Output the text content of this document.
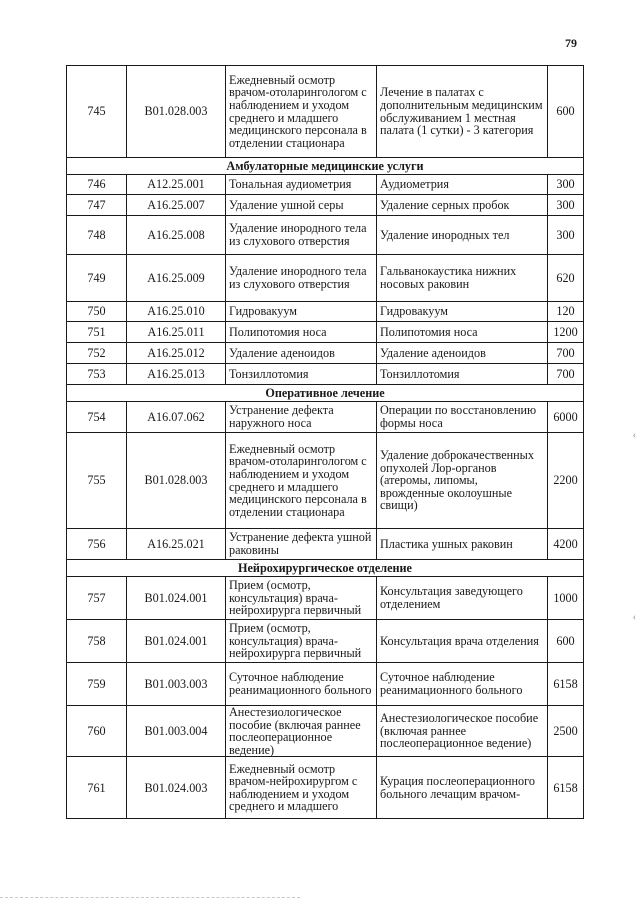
79
745	B01.028.003	Ежедневный осмотр врачом-отоларингологом с наблюдением и уходом среднего и младшего медицинского персонала в отделении стационара	Лечение в палатах с дополнительным медицинским обслуживанием 1 местная палата (1 сутки) - 3 категория	600
Амбулаторные медицинские услуги				
746	A12.25.001	Тональная аудиометрия	Аудиометрия	300
747	A16.25.007	Удаление ушной серы	Удаление серных пробок	300
748	A16.25.008	Удаление инородного тела из слухового отверстия	Удаление инородных тел	300
749	A16.25.009	Удаление инородного тела из слухового отверстия	Гальванокаустика нижних носовых раковин	620
750	A16.25.010	Гидровакуум	Гидровакуум	120
751	A16.25.011	Полипотомия носа	Полипотомия носа	1200
752	A16.25.012	Удаление аденоидов	Удаление аденоидов	700
753	A16.25.013	Тонзиллотомия	Тонзиллотомия	700
Оперативное лечение				
754	A16.07.062	Устранение дефекта наружного носа	Операции по восстановлению формы носа	6000
755	B01.028.003	Ежедневный осмотр врачом-отоларингологом с наблюдением и уходом среднего и младшего медицинского персонала в отделении стационара	Удаление доброкачественных опухолей Лор-органов (атеромы, липомы, врожденные околоушные свищи)	2200
756	A16.25.021	Устранение дефекта ушной раковины	Пластика ушных раковин	4200
Нейрохирургическое отделение				
757	B01.024.001	Прием (осмотр, консультация) врача-нейрохирурга первичный	Консультация заведующего отделением	1000
758	B01.024.001	Прием (осмотр, консультация) врача-нейрохирурга первичный	Консультация врача отделения	600
759	B01.003.003	Суточное наблюдение реанимационного больного	Суточное наблюдение реанимационного больного	6158
760	B01.003.004	Анестезиологическое пособие (включая раннее послеоперационное ведение)	Анестезиологическое пособие (включая раннее послеоперационное ведение)	2500
761	B01.024.003	Ежедневный осмотр врачом-нейрохирургом с наблюдением и уходом среднего и младшего	Курация послеоперационного больного лечащим врачом-	6158
‹
‹
